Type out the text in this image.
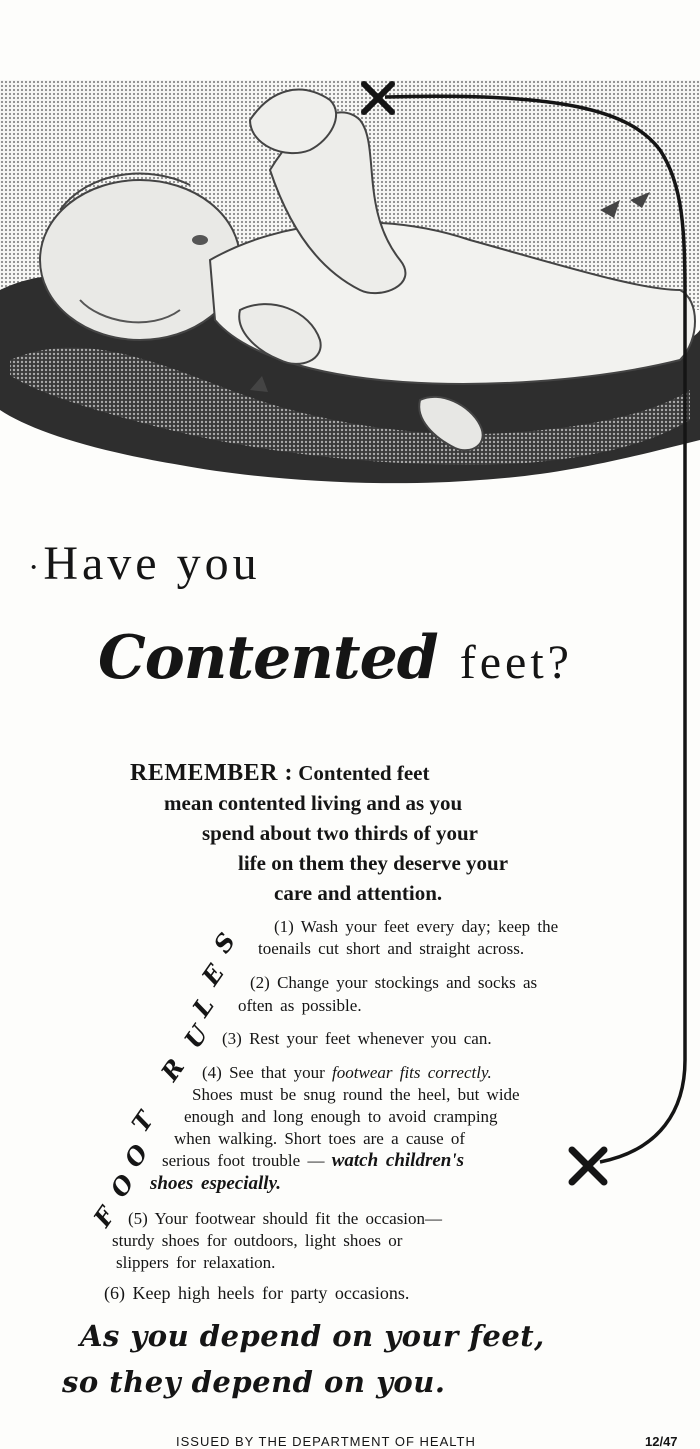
·Have you
Contented feet?
REMEMBER : Contented feet
mean contented living and as you
spend about two thirds of your
life on them they deserve your
care and attention.
S
E
L
U
R
T
O
O
F
(1) Wash your feet every day; keep the
toenails cut short and straight across.
(2) Change your stockings and socks as
often as possible.
(3) Rest your feet whenever you can.
(4) See that your footwear fits correctly.
Shoes must be snug round the heel, but wide
enough and long enough to avoid cramping
when walking. Short toes are a cause of
serious foot trouble — watch children's
shoes especially.
(5) Your footwear should fit the occasion—
sturdy shoes for outdoors, light shoes or
slippers for relaxation.
(6) Keep high heels for party occasions.
As you depend on your feet,
so they depend on you.
ISSUED BY THE DEPARTMENT OF HEALTH	12/47
